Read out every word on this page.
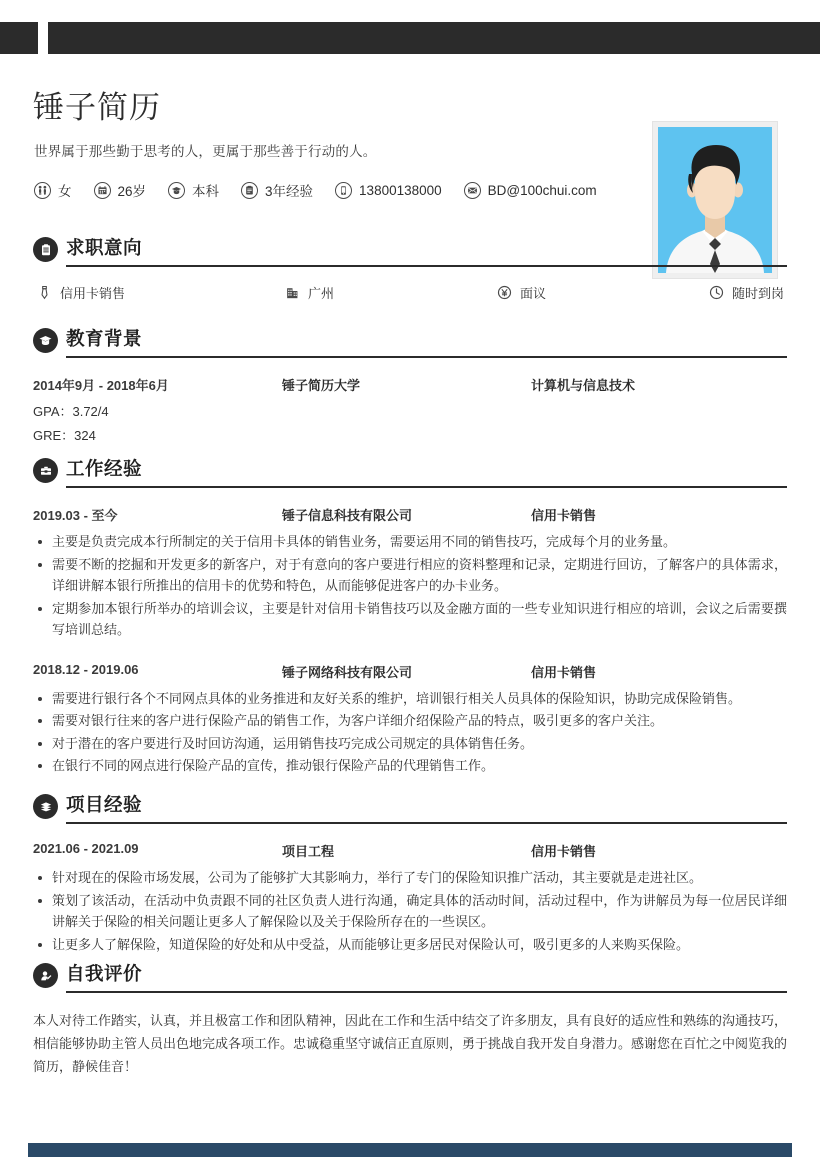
锤子简历
世界属于那些勤于思考的人，更属于那些善于行动的人。
女	26岁	本科	3年经验	13800138000	BD@100chui.com
求职意向
信用卡销售	广州	面议	随时到岗
教育背景
2014年9月 - 2018年6月	锤子简历大学	计算机与信息技术
GPA：3.72/4
GRE：324
工作经验
2019.03 - 至今	锤子信息科技有限公司	信用卡销售
主要是负责完成本行所制定的关于信用卡具体的销售业务，需要运用不同的销售技巧，完成每个月的业务量。
需要不断的挖掘和开发更多的新客户，对于有意向的客户要进行相应的资料整理和记录，定期进行回访，了解客户的具体需求，详细讲解本银行所推出的信用卡的优势和特色，从而能够促进客户的办卡业务。
定期参加本银行所举办的培训会议，主要是针对信用卡销售技巧以及金融方面的一些专业知识进行相应的培训，会议之后需要撰写培训总结。
2018.12 - 2019.06	锤子网络科技有限公司	信用卡销售
需要进行银行各个不同网点具体的业务推进和友好关系的维护，培训银行相关人员具体的保险知识，协助完成保险销售。
需要对银行往来的客户进行保险产品的销售工作，为客户详细介绍保险产品的特点，吸引更多的客户关注。
对于潜在的客户要进行及时回访沟通，运用销售技巧完成公司规定的具体销售任务。
在银行不同的网点进行保险产品的宣传，推动银行保险产品的代理销售工作。
项目经验
2021.06 - 2021.09	项目工程	信用卡销售
针对现在的保险市场发展，公司为了能够扩大其影响力，举行了专门的保险知识推广活动，其主要就是走进社区。
策划了该活动，在活动中负责跟不同的社区负责人进行沟通，确定具体的活动时间，活动过程中，作为讲解员为每一位居民详细讲解关于保险的相关问题让更多人了解保险以及关于保险所存在的一些误区。
让更多人了解保险，知道保险的好处和从中受益，从而能够让更多居民对保险认可，吸引更多的人来购买保险。
自我评价
本人对待工作踏实，认真，并且极富工作和团队精神，因此在工作和生活中结交了许多朋友，具有良好的适应性和熟练的沟通技巧，相信能够协助主管人员出色地完成各项工作。忠诚稳重坚守诚信正直原则，勇于挑战自我开发自身潜力。感谢您在百忙之中阅览我的简历，静候佳音！
